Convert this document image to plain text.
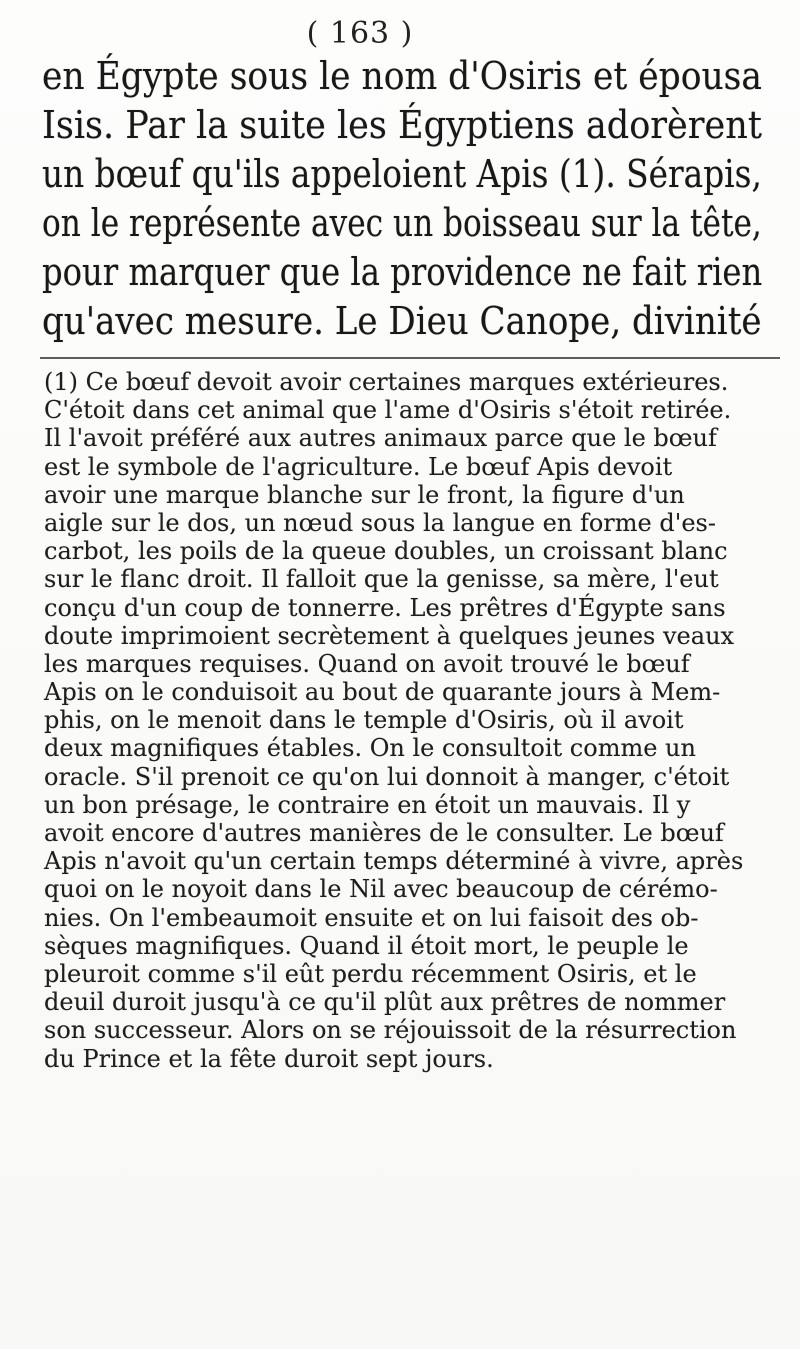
( 163 )
en Égypte sous le nom d'Osiris et épousa
Isis. Par la suite les Égyptiens adorèrent
un bœuf qu'ils appeloient Apis (1). Sérapis,
on le représente avec un boisseau sur la tête,
pour marquer que la providence ne fait rien
qu'avec mesure. Le Dieu Canope, divinité
(1) Ce bœuf devoit avoir certaines marques extérieures.
C'étoit dans cet animal que l'ame d'Osiris s'étoit retirée.
Il l'avoit préféré aux autres animaux parce que le bœuf
est le symbole de l'agriculture. Le bœuf Apis devoit
avoir une marque blanche sur le front, la figure d'un
aigle sur le dos, un nœud sous la langue en forme d'es-
carbot, les poils de la queue doubles, un croissant blanc
sur le flanc droit. Il falloit que la genisse, sa mère, l'eut
conçu d'un coup de tonnerre. Les prêtres d'Égypte sans
doute imprimoient secrètement à quelques jeunes veaux
les marques requises. Quand on avoit trouvé le bœuf
Apis on le conduisoit au bout de quarante jours à Mem-
phis, on le menoit dans le temple d'Osiris, où il avoit
deux magnifiques étables. On le consultoit comme un
oracle. S'il prenoit ce qu'on lui donnoit à manger, c'étoit
un bon présage, le contraire en étoit un mauvais. Il y
avoit encore d'autres manières de le consulter. Le bœuf
Apis n'avoit qu'un certain temps déterminé à vivre, après
quoi on le noyoit dans le Nil avec beaucoup de cérémo-
nies. On l'embeaumoit ensuite et on lui faisoit des ob-
sèques magnifiques. Quand il étoit mort, le peuple le
pleuroit comme s'il eût perdu récemment Osiris, et le
deuil duroit jusqu'à ce qu'il plût aux prêtres de nommer
son successeur. Alors on se réjouissoit de la résurrection
du Prince et la fête duroit sept jours.
